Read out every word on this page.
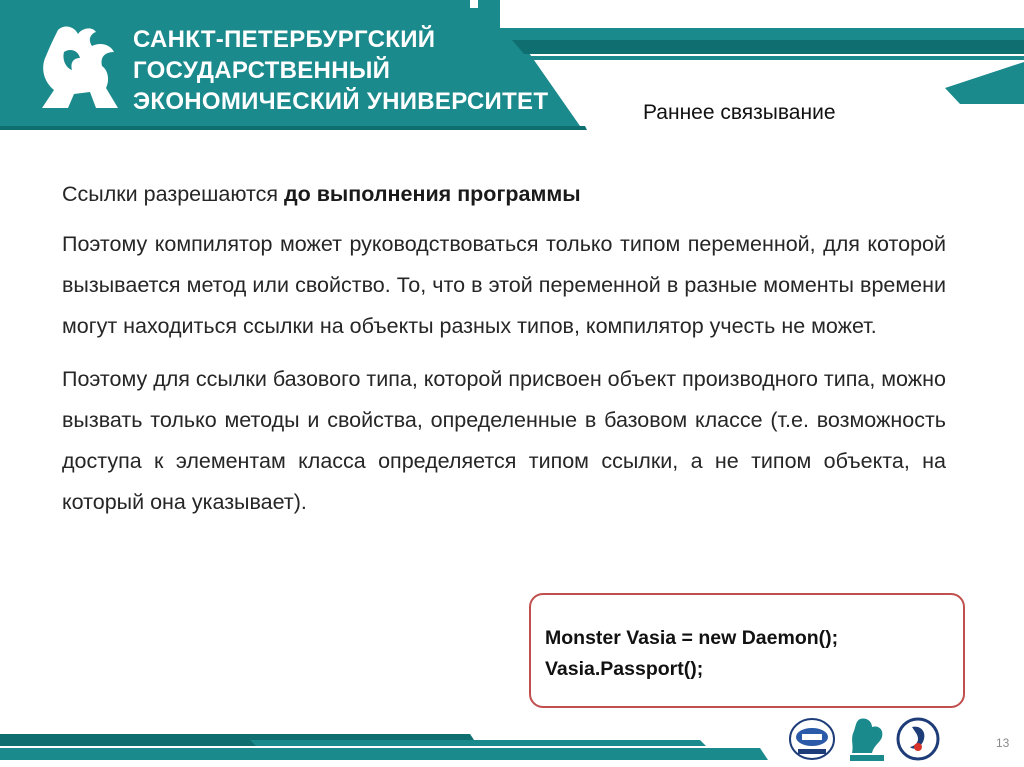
САНКТ-ПЕТЕРБУРГСКИЙ
ГОСУДАРСТВЕННЫЙ
ЭКОНОМИЧЕСКИЙ УНИВЕРСИТЕТ	Раннее связывание

Ссылки разрешаются до выполнения программы

Поэтому компилятор может руководствоваться только типом переменной, для которой вызывается метод или свойство. То, что в этой переменной в разные моменты времени могут находиться ссылки на объекты разных типов, компилятор учесть не может.

Поэтому для ссылки базового типа, которой присвоен объект производного типа, можно вызвать только методы и свойства, определенные в базовом классе (т.е. возможность доступа к элементам класса определяется типом ссылки, а не типом объекта, на который она указывает).

Monster Vasia = new Daemon();
Vasia.Passport();
13
